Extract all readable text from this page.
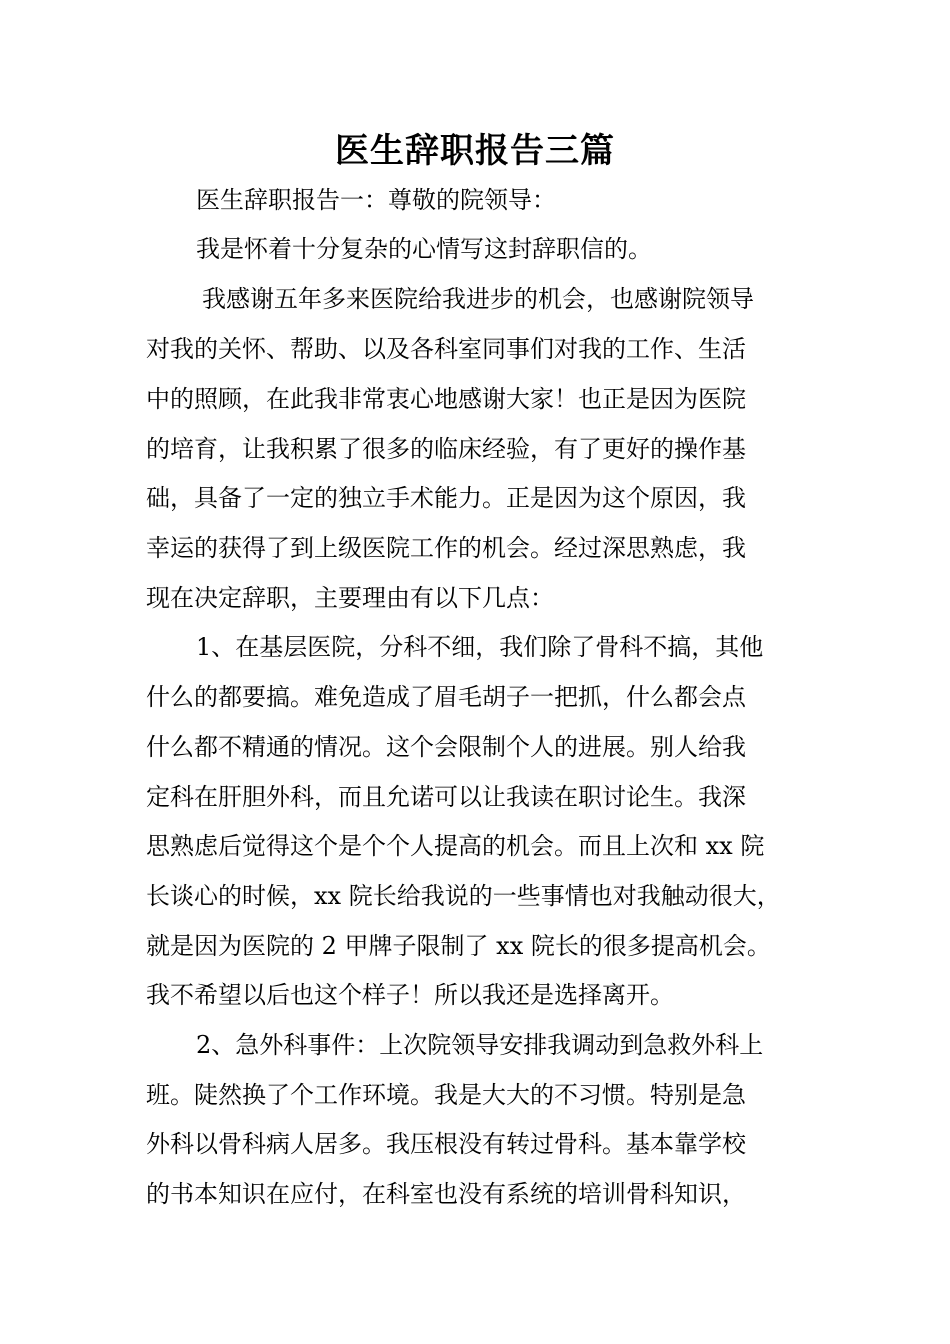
医生辞职报告三篇
医生辞职报告一：尊敬的院领导：
我是怀着十分复杂的心情写这封辞职信的。
我感谢五年多来医院给我进步的机会，也感谢院领导
对我的关怀、帮助、以及各科室同事们对我的工作、生活
中的照顾，在此我非常衷心地感谢大家！也正是因为医院
的培育，让我积累了很多的临床经验，有了更好的操作基
础，具备了一定的独立手术能力。正是因为这个原因，我
幸运的获得了到上级医院工作的机会。经过深思熟虑，我
现在决定辞职，主要理由有以下几点：
1、在基层医院，分科不细，我们除了骨科不搞，其他
什么的都要搞。难免造成了眉毛胡子一把抓，什么都会点
什么都不精通的情况。这个会限制个人的进展。别人给我
定科在肝胆外科，而且允诺可以让我读在职讨论生。我深
思熟虑后觉得这个是个个人提高的机会。而且上次和 xx 院
长谈心的时候，xx 院长给我说的一些事情也对我触动很大，
就是因为医院的 2 甲牌子限制了 xx 院长的很多提高机会。
我不希望以后也这个样子！所以我还是选择离开。
2、急外科事件：上次院领导安排我调动到急救外科上
班。陡然换了个工作环境。我是大大的不习惯。特别是急
外科以骨科病人居多。我压根没有转过骨科。基本靠学校
的书本知识在应付，在科室也没有系统的培训骨科知识，
